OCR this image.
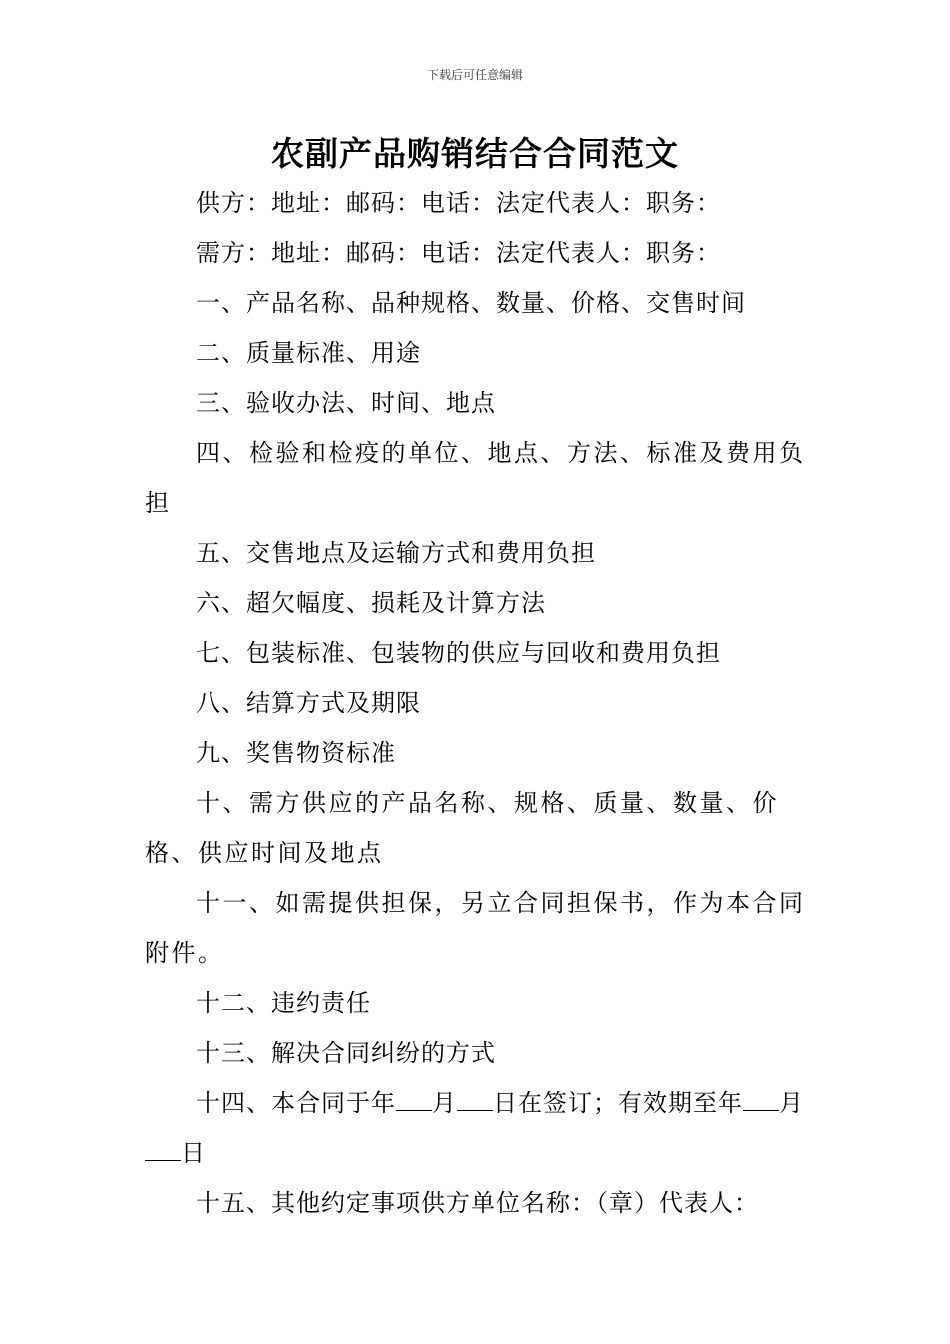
下载后可任意编辑
农副产品购销结合合同范文

供方：地址：邮码：电话：法定代表人：职务：

需方：地址：邮码：电话：法定代表人：职务：

一、产品名称、品种规格、数量、价格、交售时间

二、质量标准、用途

三、验收办法、时间、地点

四、检验和检疫的单位、地点、方法、标准及费用负担

五、交售地点及运输方式和费用负担

六、超欠幅度、损耗及计算方法

七、包装标准、包装物的供应与回收和费用负担

八、结算方式及期限

九、奖售物资标准

十、需方供应的产品名称、规格、质量、数量、价格、供应时间及地点

十一、如需提供担保，另立合同担保书，作为本合同附件。

十二、违约责任

十三、解决合同纠纷的方式

十四、本合同于年 月 日在签订；有效期至年 月日

十五、其他约定事项供方单位名称：（章）代表人：
